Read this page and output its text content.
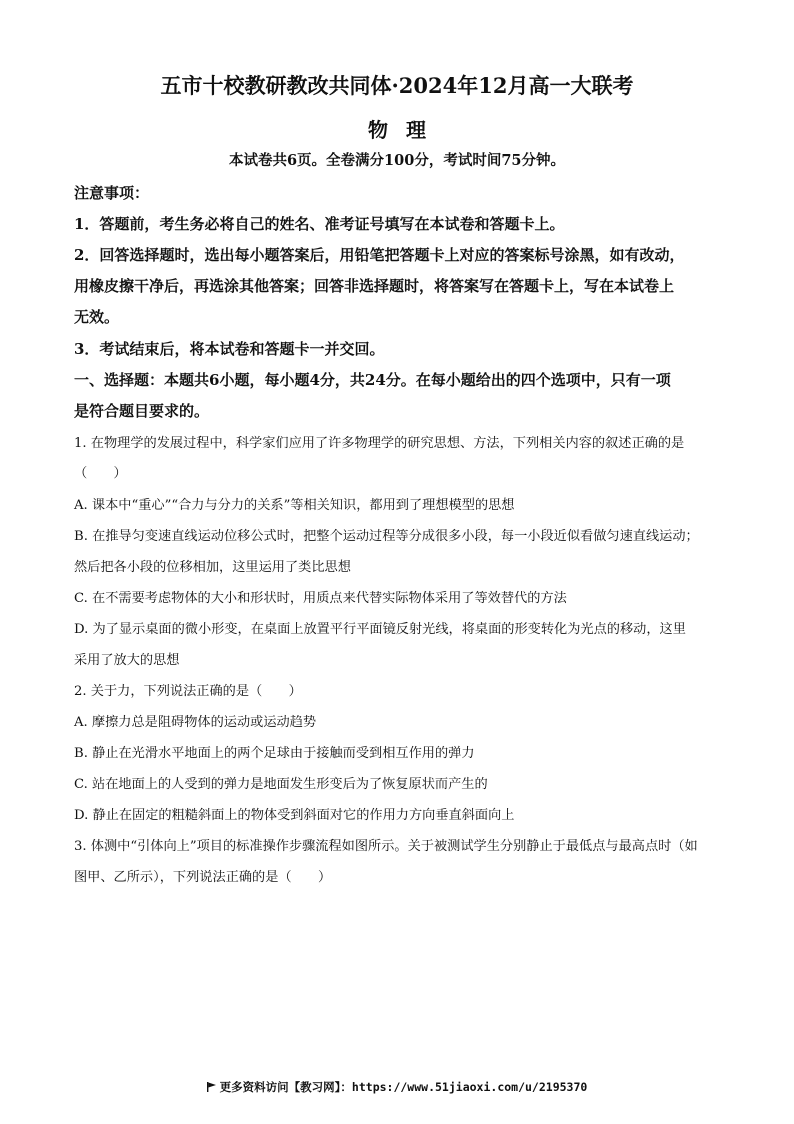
五市十校教研教改共同体·2024年12月高一大联考
物理
本试卷共6页。全卷满分100分，考试时间75分钟。
注意事项：
1．答题前，考生务必将自己的姓名、准考证号填写在本试卷和答题卡上。
2．回答选择题时，选出每小题答案后，用铅笔把答题卡上对应的答案标号涂黑，如有改动，
用橡皮擦干净后，再选涂其他答案；回答非选择题时，将答案写在答题卡上，写在本试卷上
无效。
3．考试结束后，将本试卷和答题卡一并交回。
一、选择题：本题共6小题，每小题4分，共24分。在每小题给出的四个选项中，只有一项
是符合题目要求的。
1. 在物理学的发展过程中，科学家们应用了许多物理学的研究思想、方法，下列相关内容的叙述正确的是
（　　）
A. 课本中“重心”“合力与分力的关系”等相关知识，都用到了理想模型的思想
B. 在推导匀变速直线运动位移公式时，把整个运动过程等分成很多小段，每一小段近似看做匀速直线运动；
然后把各小段的位移相加，这里运用了类比思想
C. 在不需要考虑物体的大小和形状时，用质点来代替实际物体采用了等效替代的方法
D. 为了显示桌面的微小形变，在桌面上放置平行平面镜反射光线，将桌面的形变转化为光点的移动，这里
采用了放大的思想
2. 关于力，下列说法正确的是（　　）
A. 摩擦力总是阻碍物体的运动或运动趋势
B. 静止在光滑水平地面上的两个足球由于接触而受到相互作用的弹力
C. 站在地面上的人受到的弹力是地面发生形变后为了恢复原状而产生的
D. 静止在固定的粗糙斜面上的物体受到斜面对它的作用力方向垂直斜面向上
3. 体测中“引体向上”项目的标准操作步骤流程如图所示。关于被测试学生分别静止于最低点与最高点时（如
图甲、乙所示），下列说法正确的是（　　）
更多资料访问【教习网】：https://www.51jiaoxi.com/u/2195370
